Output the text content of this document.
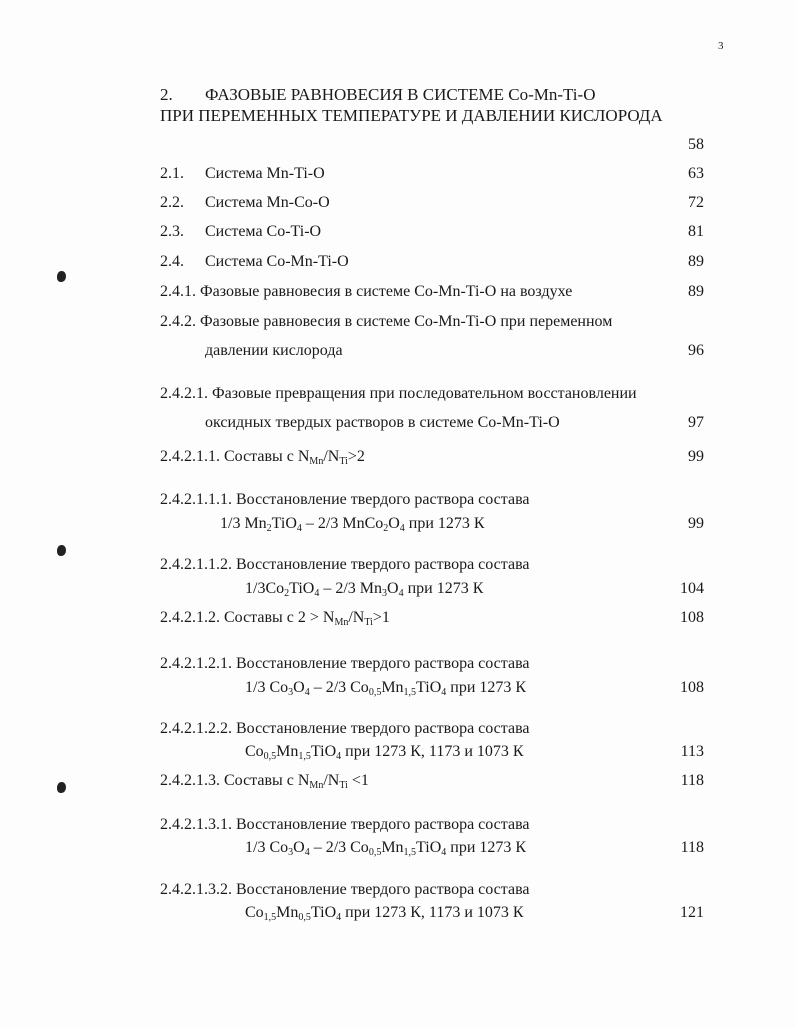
3
2. ФАЗОВЫЕ РАВНОВЕСИЯ В СИСТЕМЕ Co-Mn-Ti-O
ПРИ ПЕРЕМЕННЫХ ТЕМПЕРАТУРЕ И ДАВЛЕНИИ КИСЛОРОДА
58
2.1. Система Mn-Ti-O	63
2.2. Система Mn-Co-O	72
2.3. Система Co-Ti-O	81
2.4. Система Co-Mn-Ti-O	89
2.4.1. Фазовые равновесия в системе Co-Mn-Ti-O на воздухе	89
2.4.2. Фазовые равновесия в системе Co-Mn-Ti-O при переменном
давлении кислорода	96
2.4.2.1. Фазовые превращения при последовательном восстановлении
оксидных твердых растворов в системе Co-Mn-Ti-O	97
2.4.2.1.1. Составы с $N_{Mn}/N_{Ti}>2$	99
2.4.2.1.1.1. Восстановление твердого раствора состава
1/3 $Mn_2TiO_4 - 2/3$ $MnCo_2O_4$ при 1273 К	99
2.4.2.1.1.2. Восстановление твердого раствора состава
$1/3Co_2TiO_4 - 2/3$ $Mn_3O_4$ при 1273 К	104
2.4.2.1.2. Составы с $2 > N_{Mn}/N_{Ti}>1$	108
2.4.2.1.2.1. Восстановление твердого раствора состава
1/3 $Co_3O_4 - 2/3$ $Co_{0,5}Mn_{1,5}TiO_4$ при 1273 К	108
2.4.2.1.2.2. Восстановление твердого раствора состава
$Co_{0,5}Mn_{1,5}TiO_4$ при 1273 К, 1173 и 1073 К	113
2.4.2.1.3. Составы с $N_{Mn}/N_{Ti} <1$	118
2.4.2.1.3.1. Восстановление твердого раствора состава
1/3 $Co_3O_4 - 2/3$ $Co_{0,5}Mn_{1,5}TiO_4$ при 1273 К	118
2.4.2.1.3.2. Восстановление твердого раствора состава
$Co_{1,5}Mn_{0,5}TiO_4$ при 1273 К, 1173 и 1073 К	121
